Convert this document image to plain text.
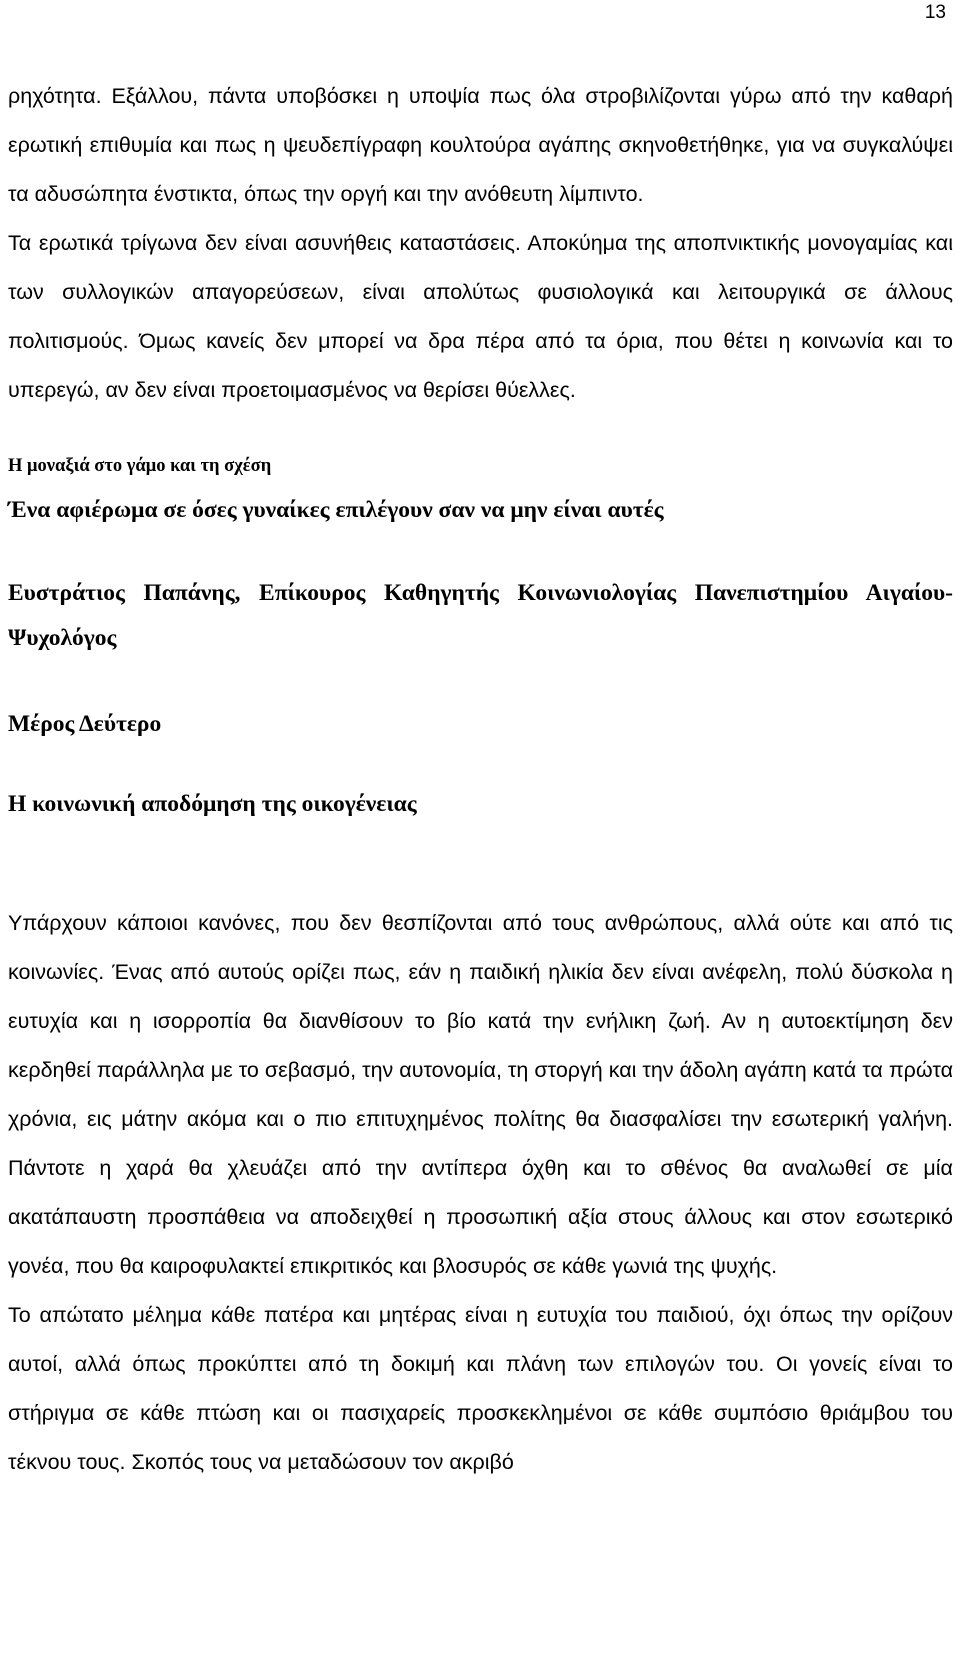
13

ρηχότητα. Εξάλλου, πάντα υποβόσκει η υποψία πως όλα στροβιλίζονται γύρω από την καθαρή ερωτική επιθυμία και πως η ψευδεπίγραφη κουλτούρα αγάπης σκηνοθετήθηκε, για να συγκαλύψει τα αδυσώπητα ένστικτα, όπως την οργή και την ανόθευτη λίμπιντο.

Τα ερωτικά τρίγωνα δεν είναι ασυνήθεις καταστάσεις. Αποκύημα της αποπνικτικής μονογαμίας και των συλλογικών απαγορεύσεων, είναι απολύτως φυσιολογικά και λειτουργικά σε άλλους πολιτισμούς. Όμως κανείς δεν μπορεί να δρα πέρα από τα όρια, που θέτει η κοινωνία και το υπερεγώ, αν δεν είναι προετοιμασμένος να θερίσει θύελλες.

Η μοναξιά στο γάμο και τη σχέση

Ένα αφιέρωμα σε όσες γυναίκες επιλέγουν σαν να μην είναι αυτές

Ευστράτιος Παπάνης, Επίκουρος Καθηγητής Κοινωνιολογίας Πανεπιστημίου Αιγαίου-Ψυχολόγος

Μέρος Δεύτερο

Η κοινωνική αποδόμηση της οικογένειας

Υπάρχουν κάποιοι κανόνες, που δεν θεσπίζονται από τους ανθρώπους, αλλά ούτε και από τις κοινωνίες. Ένας από αυτούς ορίζει πως, εάν η παιδική ηλικία δεν είναι ανέφελη, πολύ δύσκολα η ευτυχία και η ισορροπία θα διανθίσουν το βίο κατά την ενήλικη ζωή. Αν η αυτοεκτίμηση δεν κερδηθεί παράλληλα με το σεβασμό, την αυτονομία, τη στοργή και την άδολη αγάπη κατά τα πρώτα χρόνια, εις μάτην ακόμα και ο πιο επιτυχημένος πολίτης θα διασφαλίσει την εσωτερική γαλήνη. Πάντοτε η χαρά θα χλευάζει από την αντίπερα όχθη και το σθένος θα αναλωθεί σε μία ακατάπαυστη προσπάθεια να αποδειχθεί η προσωπική αξία στους άλλους και στον εσωτερικό γονέα, που θα καιροφυλακτεί επικριτικός και βλοσυρός σε κάθε γωνιά της ψυχής.

Το απώτατο μέλημα κάθε πατέρα και μητέρας είναι η ευτυχία του παιδιού, όχι όπως την ορίζουν αυτοί, αλλά όπως προκύπτει από τη δοκιμή και πλάνη των επιλογών του. Οι γονείς είναι το στήριγμα σε κάθε πτώση και οι πασιχαρείς προσκεκλημένοι σε κάθε συμπόσιο θριάμβου του τέκνου τους. Σκοπός τους να μεταδώσουν τον ακριβό
